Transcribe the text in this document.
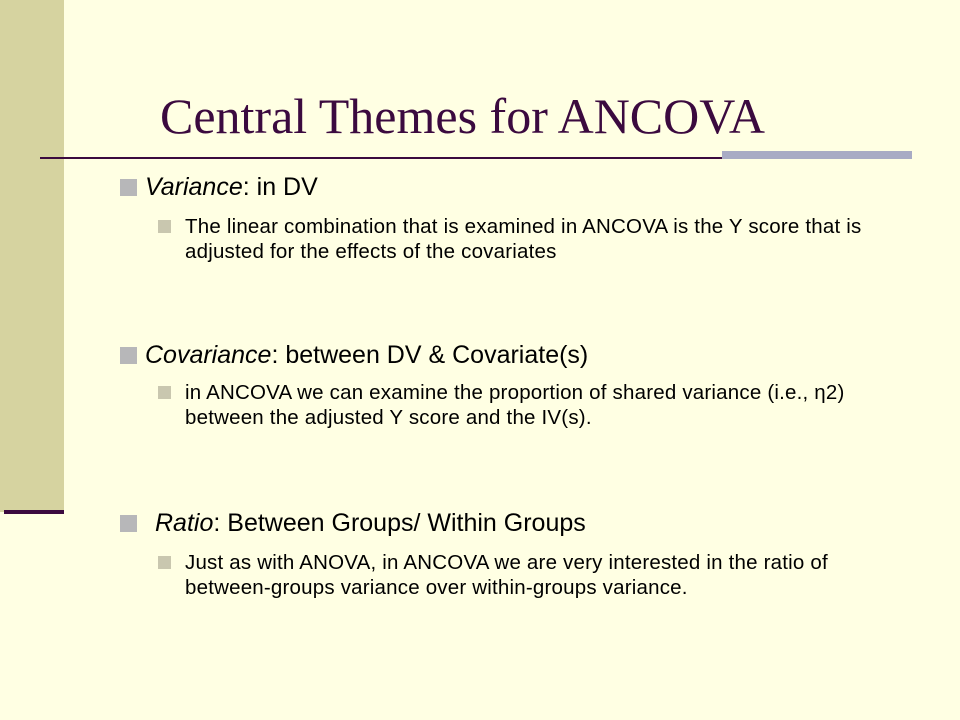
Central Themes for ANCOVA
Variance: in DV
The linear combination that is examined in ANCOVA is the Y score that is adjusted for the effects of the covariates
Covariance: between DV & Covariate(s)
in ANCOVA we can examine the proportion of shared variance (i.e., η2) between the adjusted Y score and the IV(s).
Ratio: Between Groups/ Within Groups
Just as with ANOVA, in ANCOVA we are very interested in the ratio of between-groups variance over within-groups variance.
